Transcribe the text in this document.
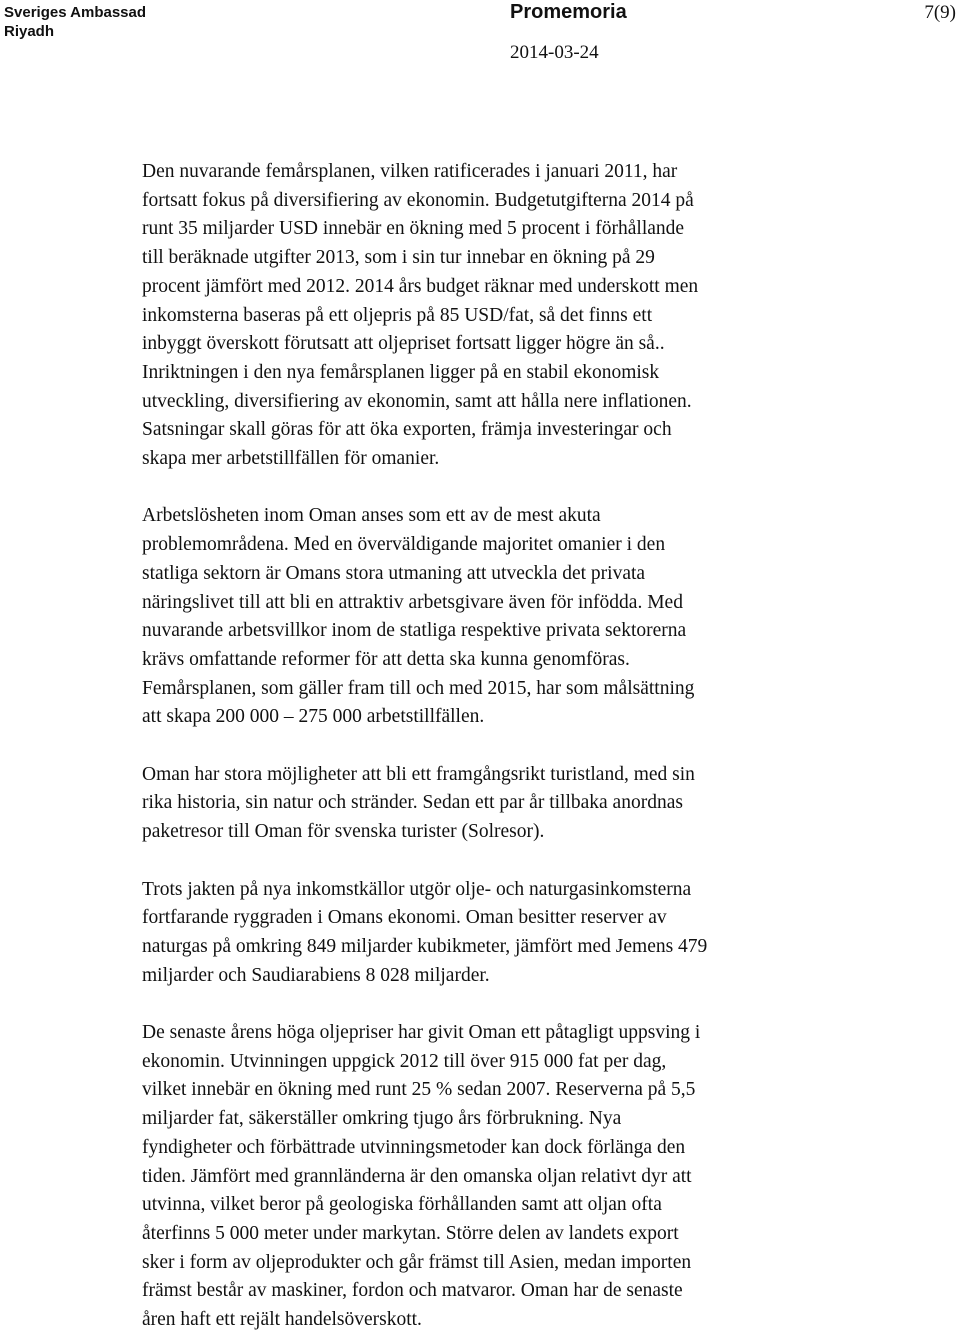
Sveriges Ambassad
Riyadh
Promemoria
2014-03-24
7(9)

Den nuvarande femårsplanen, vilken ratificerades i januari 2011, har
fortsatt fokus på diversifiering av ekonomin. Budgetutgifterna 2014 på
runt 35 miljarder USD innebär en ökning med 5 procent i förhållande
till beräknade utgifter 2013, som i sin tur innebar en ökning på 29
procent jämfört med 2012. 2014 års budget räknar med underskott men
inkomsterna baseras på ett oljepris på 85 USD/fat, så det finns ett
inbyggt överskott förutsatt att oljepriset fortsatt ligger högre än så..
Inriktningen i den nya femårsplanen ligger på en stabil ekonomisk
utveckling, diversifiering av ekonomin, samt att hålla nere inflationen.
Satsningar skall göras för att öka exporten, främja investeringar och
skapa mer arbetstillfällen för omanier.

Arbetslösheten inom Oman anses som ett av de mest akuta
problemområdena. Med en överväldigande majoritet omanier i den
statliga sektorn är Omans stora utmaning att utveckla det privata
näringslivet till att bli en attraktiv arbetsgivare även för infödda. Med
nuvarande arbetsvillkor inom de statliga respektive privata sektorerna
krävs omfattande reformer för att detta ska kunna genomföras.
Femårsplanen, som gäller fram till och med 2015, har som målsättning
att skapa 200 000 – 275 000 arbetstillfällen.

Oman har stora möjligheter att bli ett framgångsrikt turistland, med sin
rika historia, sin natur och stränder. Sedan ett par år tillbaka anordnas
paketresor till Oman för svenska turister (Solresor).

Trots jakten på nya inkomstkällor utgör olje- och naturgasinkomsterna
fortfarande ryggraden i Omans ekonomi. Oman besitter reserver av
naturgas på omkring 849 miljarder kubikmeter, jämfört med Jemens 479
miljarder och Saudiarabiens 8 028 miljarder.

De senaste årens höga oljepriser har givit Oman ett påtagligt uppsving i
ekonomin. Utvinningen uppgick 2012 till över 915 000 fat per dag,
vilket innebär en ökning med runt 25 % sedan 2007. Reserverna på 5,5
miljarder fat, säkerställer omkring tjugo års förbrukning. Nya
fyndigheter och förbättrade utvinningsmetoder kan dock förlänga den
tiden. Jämfört med grannländerna är den omanska oljan relativt dyr att
utvinna, vilket beror på geologiska förhållanden samt att oljan ofta
återfinns 5 000 meter under markytan. Större delen av landets export
sker i form av oljeprodukter och går främst till Asien, medan importen
främst består av maskiner, fordon och matvaror. Oman har de senaste
åren haft ett rejält handelsöverskott.
